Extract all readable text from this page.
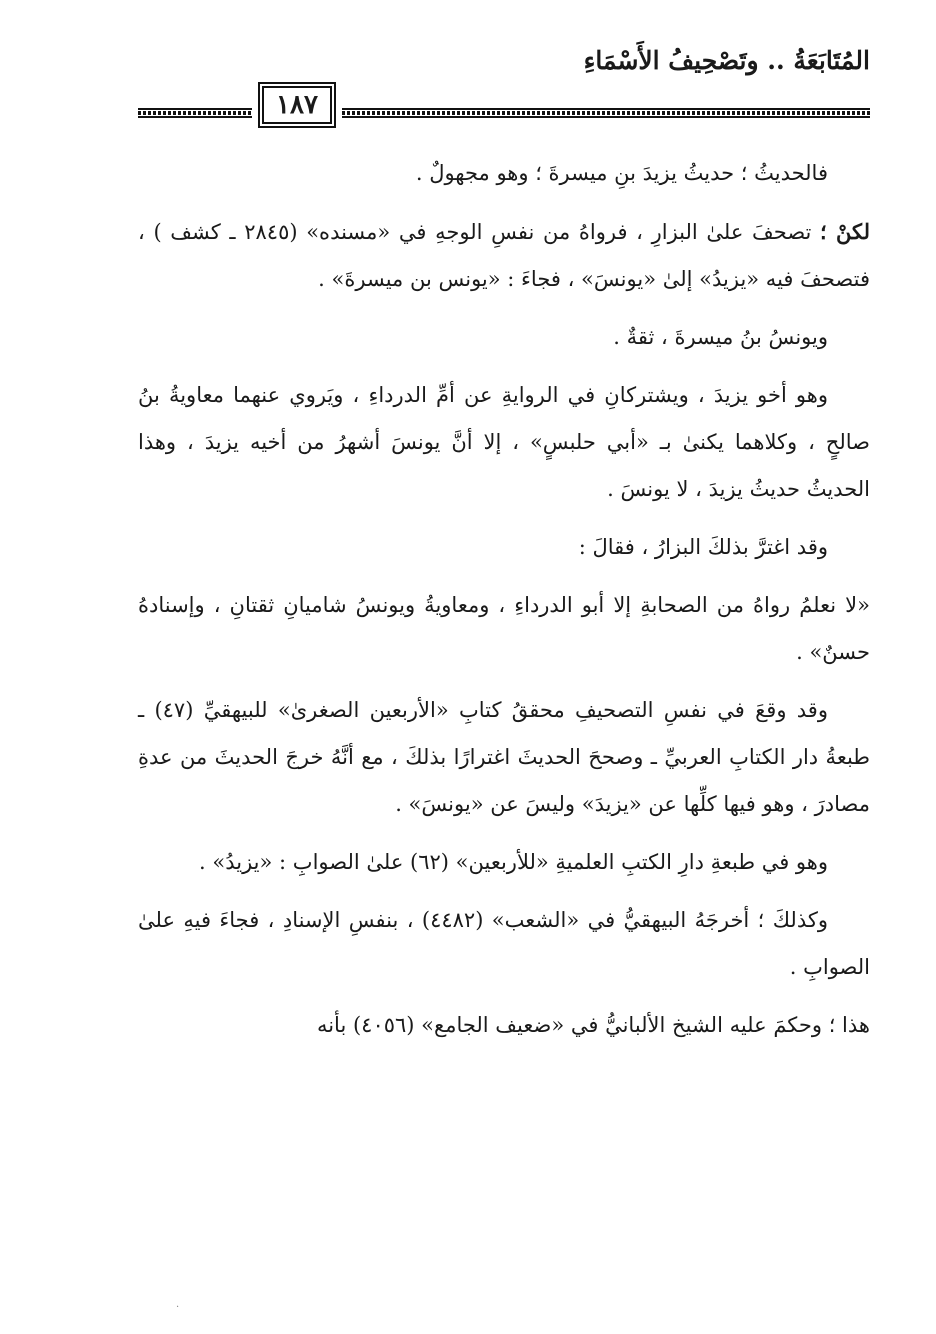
المُتَابَعَةُ .. وتَصْحِيفُ الأَسْمَاءِ
١٨٧

فالحديثُ ؛ حديثُ يزيدَ بنِ ميسرةَ ؛ وهو مجهولٌ .

لكنْ ؛ تصحفَ علىٰ البزارِ ، فرواهُ من نفسِ الوجهِ في «مسنده» (٢٨٤٥ ـ كشف ) ، فتصحفَ فيه «يزيدُ» إلىٰ «يونسَ» ، فجاءَ : «يونس بن ميسرةَ» .

ويونسُ بنُ ميسرةَ ، ثقةٌ .

وهو أخو يزيدَ ، ويشتركانِ في الروايةِ عن أمِّ الدرداءِ ، ويَروي عنهما معاويةُ بنُ صالحٍ ، وكلاهما يكنىٰ بـ «أبي حلبسٍ» ، إلا أنَّ يونسَ أشهرُ من أخيه يزيدَ ، وهذا الحديثُ حديثُ يزيدَ ، لا يونسَ .

وقد اغترَّ بذلكَ البزارُ ، فقالَ :

«لا نعلمُ رواهُ من الصحابةِ إلا أبو الدرداءِ ، ومعاويةُ ويونسُ شاميانِ ثقتانِ ، وإسنادهُ حسنٌ» .

وقد وقعَ في نفسِ التصحيفِ محققُ كتابِ «الأربعين الصغرىٰ» للبيهقيِّ (٤٧) ـ طبعةُ دار الكتابِ العربيِّ ـ وصححَ الحديثَ اغترارًا بذلكَ ، مع أنَّهُ خرجَ الحديثَ من عدةِ مصادرَ ، وهو فيها كلِّها عن «يزيدَ» وليسَ عن «يونسَ» .

وهو في طبعةِ دارِ الكتبِ العلميةِ «للأربعين» (٦٢) علىٰ الصوابِ : «يزيدُ» .

وكذلكَ ؛ أخرجَهُ البيهقيُّ في «الشعب» (٤٤٨٢) ، بنفسِ الإسنادِ ، فجاءَ فيهِ علىٰ الصوابِ .

هذا ؛ وحكمَ عليه الشيخ الألبانيُّ في «ضعيف الجامع» (٤٠٥٦) بأنه

·
